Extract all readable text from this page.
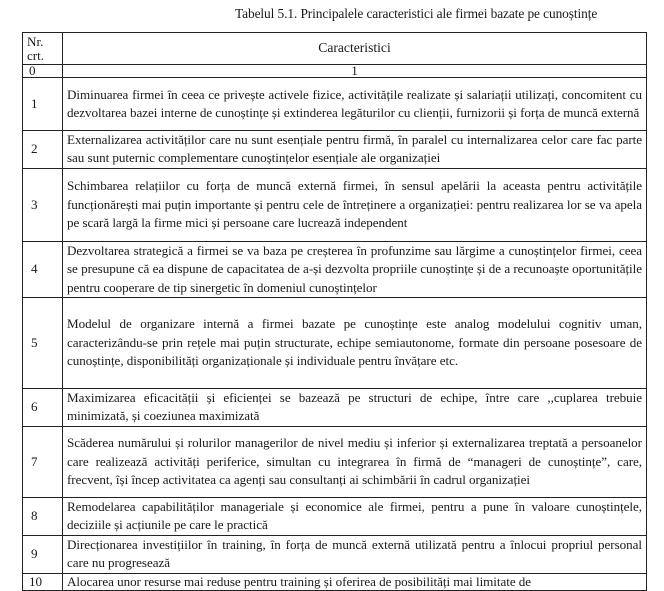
Tabelul 5.1. Principalele caracteristici ale firmei bazate pe cunoștințe
Nr. crt.	Caracteristici
0	1
1	Diminuarea firmei în ceea ce privește activele fizice, activitățile realizate și salariații utilizați, concomitent cu dezvoltarea bazei interne de cunoștințe și extinderea legăturilor cu clienții, furnizorii și forța de muncă externă
2	Externalizarea activităților care nu sunt esențiale pentru firmă, în paralel cu internalizarea celor care fac parte sau sunt puternic complementare cunoștințelor esențiale ale organizației
3	Schimbarea relațiilor cu forța de muncă externă firmei, în sensul apelării la aceasta pentru activitățile funcționărești mai puțin importante și pentru cele de întreținere a organizației: pentru realizarea lor se va apela pe scară largă la firme mici și persoane care lucrează independent
4	Dezvoltarea strategică a firmei se va baza pe creșterea în profunzime sau lărgime a cunoștințelor firmei, ceea se presupune că ea dispune de capacitatea de a-și dezvolta propriile cunoștințe și de a recunoaște oportunitățile pentru cooperare de tip sinergetic în domeniul cunoștințelor
5	Modelul de organizare internă a firmei bazate pe cunoștințe este analog modelului cognitiv uman, caracterizându-se prin rețele mai puțin structurate, echipe semiautonome, formate din persoane posesoare de cunoștințe, disponibilități organizaționale și individuale pentru învățare etc.
6	Maximizarea eficacității și eficienței se bazează pe structuri de echipe, între care ,,cuplarea trebuie minimizată, și coeziunea maximizată
7	Scăderea numărului și rolurilor managerilor de nivel mediu și inferior și externalizarea treptată a persoanelor care realizează activități periferice, simultan cu integrarea în firmă de “manageri de cunoștințe”, care, frecvent, își încep activitatea ca agenți sau consultanți ai schimbării în cadrul organizației
8	Remodelarea capabilităților manageriale și economice ale firmei, pentru a pune în valoare cunoștințele, deciziile și acțiunile pe care le practică
9	Direcționarea investițiilor în training, în forța de muncă externă utilizată pentru a înlocui propriul personal care nu progresează
10	Alocarea unor resurse mai reduse pentru training și oferirea de posibilități mai limitate de
